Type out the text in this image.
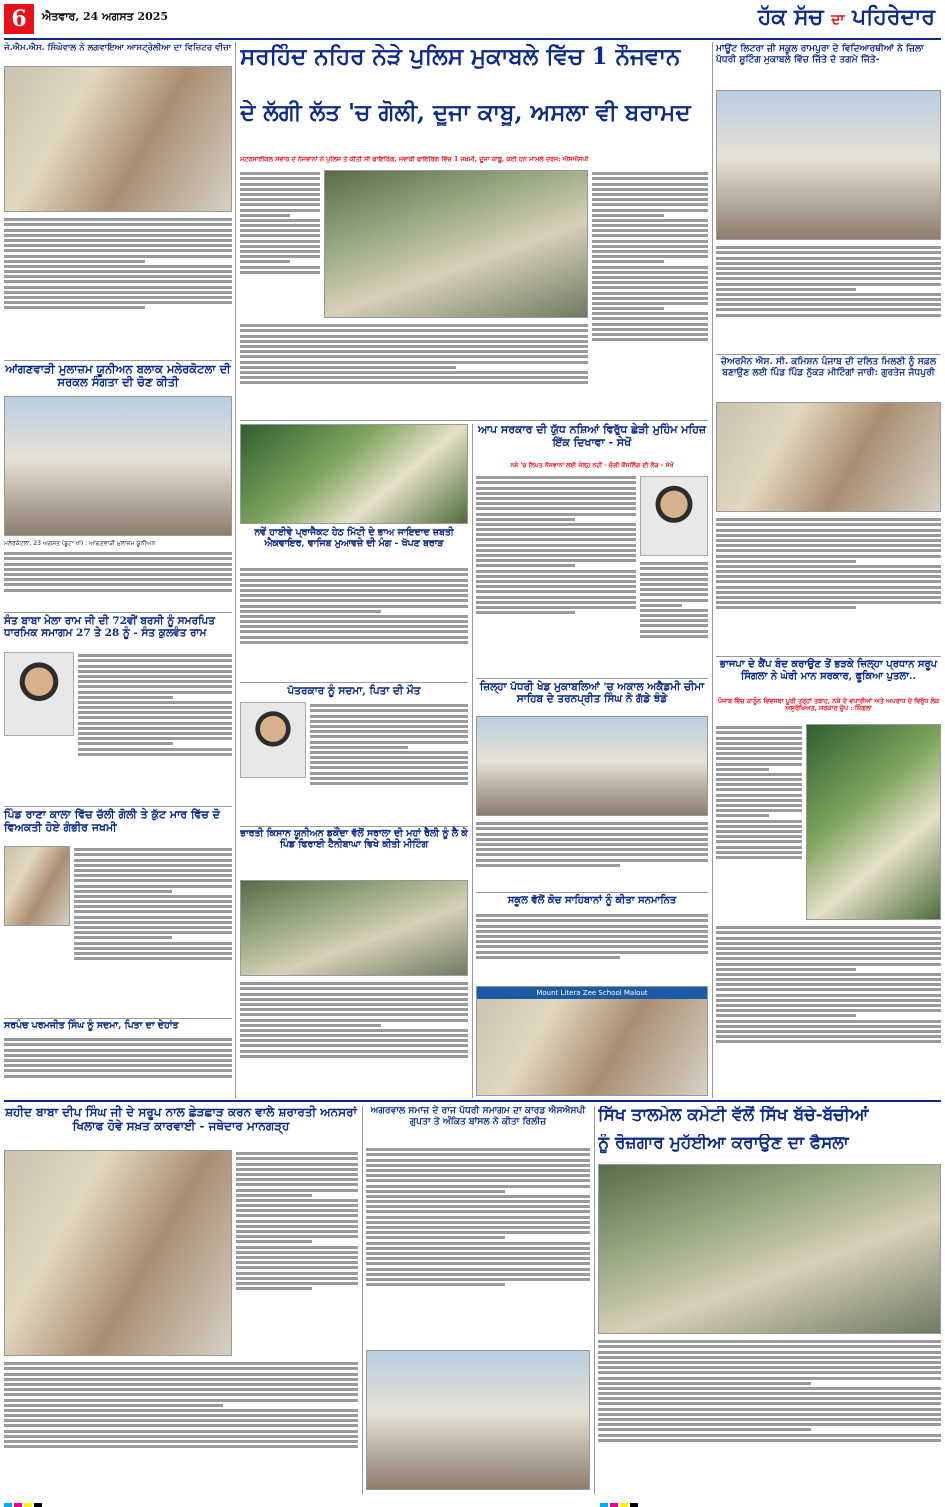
6	ਐਤਵਾਰ, 24 ਅਗਸਤ 2025	ਹੱਕ ਸੱਚ ਦਾ ਪਹਿਰੇਦਾਰ
ਜੇ.ਐਮ.ਐਸ. ਸਿੰਘੇਵਾਲ ਨੇ ਲਗਵਾਇਆ ਆਸਟ੍ਰੇਲੀਆ ਦਾ ਵਿਜ਼ਿਟਰ ਵੀਜ਼ਾ
ਆਂਗਣਵਾੜੀ ਮੁਲਾਜ਼ਮ ਯੂਨੀਅਨ ਬਲਾਕ ਮਲੇਰਕੋਟਲਾ ਦੀ ਸਰਕਲ ਸੰਗਤਾ ਦੀ ਚੋਣ ਕੀਤੀ
ਮਲੇਰਕੋਟਲਾ, 23 ਅਗਸਤ (ਬੂਟਾ ਖਾਂ) : ਆਂਗਣਵਾੜੀ ਮੁਲਾਜ਼ਮ ਯੂਨੀਅਨ
ਸੰਤ ਬਾਬਾ ਮੇਲਾ ਰਾਮ ਜੀ ਦੀ 72ਵੀਂ ਬਰਸੀ ਨੂੰ ਸਮਰਪਿਤ ਧਾਰਮਿਕ ਸਮਾਗਮ 27 ਤੇ 28 ਨੂੰ - ਸੰਤ ਕੁਲਵੰਤ ਰਾਮ
ਪਿੰਡ ਰਾਣਾ ਕਾਲਾ ਵਿੱਚ ਚੱਲੀ ਗੋਲੀ ਤੇ ਕੁੱਟ ਮਾਰ ਵਿੱਚ ਦੋ ਵਿਅਕਤੀ ਹੋਏ ਗੰਭੀਰ ਜਖਮੀ
ਸਰਪੰਚ ਪਰਮਜੀਤ ਸਿੰਘ ਨੂੰ ਸਦਮਾ, ਪਿਤਾ ਦਾ ਦੇਹਾਂਤ
ਸਰਹਿੰਦ ਨਹਿਰ ਨੇੜੇ ਪੁਲਿਸ ਮੁਕਾਬਲੇ ਵਿੱਚ 1 ਨੌਜਵਾਨ
ਦੇ ਲੱਗੀ ਲੱਤ 'ਚ ਗੋਲੀ, ਦੂਜਾ ਕਾਬੂ, ਅਸਲਾ ਵੀ ਬਰਾਮਦ
ਮੋਟਰਸਾਈਕਲ ਸਵਾਰ ਦੋ ਨੌਜਵਾਨਾਂ ਨੇ ਪੁਲਿਸ ਤੇ ਕੀਤੀ ਸੀ ਫਾਇਰਿੰਗ, ਜਵਾਬੀ ਫਾਇਰਿੰਗ ਵਿੱਚ 1 ਜਖ਼ਮੀ, ਦੂਜਾ ਕਾਬੂ, ਕਈ ਹਨ ਮਾਮਲੇ ਦਰਜ: ਐਸਐਸਪੀ
ਨਵੇਂ ਹਾਈਵੇ ਪ੍ਰਾਜੈਕਟ ਹੇਠ ਮਿੱਟੀ ਦੇ ਭਾਅ ਜਾਇਦਾਦ ਜ਼ਬਤੀ ਐਕਵਾਇਰ, ਵਾਜਿਬ ਮੁਆਵਜ਼ੇ ਦੀ ਮੰਗ - ਖੱਪਣ ਬਰਾੜ
ਪੱਤਰਕਾਰ ਨੂੰ ਸਦਮਾ, ਪਿਤਾ ਦੀ ਮੌਤ
ਭਾਰਤੀ ਕਿਸਾਨ ਯੂਨੀਅਨ ਡਕੌਂਦਾ ਵੱਲੋਂ ਸਰਾਲਾ ਦੀ ਮਹਾਂ ਰੈਲੀ ਨੂੰ ਲੈ ਕੇ ਪਿੰਡ ਫਿਰਾਈ ਟੈਨੀਬਾਘਾ ਵਿਖੇ ਕੀਤੀ ਮੀਟਿੰਗ
ਆਪ ਸਰਕਾਰ ਦੀ ਯੁੱਧ ਨਸ਼ਿਆਂ ਵਿਰੁੱਧ ਛੇੜੀ ਮੁਹਿੰਮ ਮਹਿਜ਼ ਇੱਕ ਦਿਖਾਵਾ - ਸੇਖੋਂ
ਨਸ਼ੇ 'ਚ ਲਿਪਤ ਨੌਜਵਾਨਾਂ ਲਈ ਜੇਲ੍ਹ ਨਹੀਂ - ਚੰਗੀ ਕੌਂਸਲਿੰਗ ਦੀ ਲੋੜ - ਸੇਖੋਂ
ਜ਼ਿਲ੍ਹਾ ਪੱਧਰੀ ਖੇਡ ਮੁਕਾਬਲਿਆਂ 'ਚ ਅਕਾਲ ਅਕੈਡਮੀ ਚੀਮਾ ਸਾਹਿਬ ਦੇ ਤਰਨਪ੍ਰੀਤ ਸਿੰਘ ਨੇ ਗੱਡੇ ਝੰਡੇ
ਸਕੂਲ ਵੱਲੋਂ ਕੋਚ ਸਾਹਿਬਾਨਾਂ ਨੂੰ ਕੀਤਾ ਸਨਮਾਨਿਤ
Mount Litera Zee School Malout
ਮਾਊਂਟ ਲਿਟਰਾ ਜ਼ੀ ਸਕੂਲ ਰਾਮਪੁਰਾ ਦੇ ਵਿਦਿਆਰਥੀਆਂ ਨੇ ਜ਼ਿਲਾ ਪੱਧਰੀ ਸ਼ੂਟਿੰਗ ਮੁਕਾਬਲੇ ਵਿੱਚ ਜਿੱਤੇ ਦੋ ਤਗਮੇ ਜਿੱਤੇ-
ਚੇਅਰਮੈਨ ਐਸ. ਸੀ. ਕਮਿਸ਼ਨ ਪੰਜਾਬ ਦੀ ਦਲਿਤ ਮਿਲਣੀ ਨੂੰ ਸਫ਼ਲ ਬਣਾਉਣ ਲਈ ਪਿੰਡ ਪਿੰਡ ਨੁੱਕੜ ਮੀਟਿੰਗਾਂ ਜਾਰੀ: ਗੁਰਤੇਜ ਜੋਧਪੁਰੀ
ਭਾਜਪਾ ਦੇ ਕੈਂਪ ਬੰਦ ਕਰਾਉਣ ਤੋਂ ਭੜਕੇ ਜ਼ਿਲ੍ਹਾ ਪ੍ਰਧਾਨ ਸਰੂਪ ਸਿੰਗਲਾ ਨੇ ਘੇਰੀ ਮਾਨ ਸਰਕਾਰ, ਫੂਕਿਆ ਪੁਤਲਾ..
ਪੰਜਾਬ ਵਿੱਚ ਕਾਨੂੰਨ ਵਿਵਸਥਾ ਪੂਰੀ ਤਰ੍ਹਾਂ ਤਬਾਹ, ਨਸ਼ੇ ਦੇ ਵਪਾਰੀਆਂ ਅਤੇ ਅਪਰਾਧ ਦੇ ਵਿਰੁੱਧ ਲੋਕ ਅਸੁਰੱਖਿਅਤ, ਸਰਕਾਰ ਚੁੱਪ : ਸਿੰਗਲਾ
ਸ਼ਹੀਦ ਬਾਬਾ ਦੀਪ ਸਿੰਘ ਜੀ ਦੇ ਸਰੂਪ ਨਾਲ ਛੇੜਛਾੜ ਕਰਨ ਵਾਲੇ ਸ਼ਰਾਰਤੀ ਅਨਸਰਾਂ ਖਿਲਾਫ ਹੋਵੇ ਸਖ਼ਤ ਕਾਰਵਾਈ - ਜਥੇਦਾਰ ਮਾਨਗੜ੍ਹ
ਅਗਰਵਾਲ ਸਮਾਜ ਦੇ ਰਾਜ ਪੱਧਰੀ ਸਮਾਗਮ ਦਾ ਕਾਰਡ ਐਸਐਸਪੀ ਗੁਪਤਾ ਤੇ ਅੰਕਿਤ ਬਾਂਸਲ ਨੇ ਕੀਤਾ ਰਿਲੀਜ਼	ਸਿੱਖ ਤਾਲਮੇਲ ਕਮੇਟੀ ਵੱਲੋਂ ਸਿੱਖ ਬੱਚੇ-ਬੱਚੀਆਂ
ਨੂੰ ਰੋਜ਼ਗਾਰ ਮੁਹੱਈਆ ਕਰਾਉਣ ਦਾ ਫੈਸਲਾ
